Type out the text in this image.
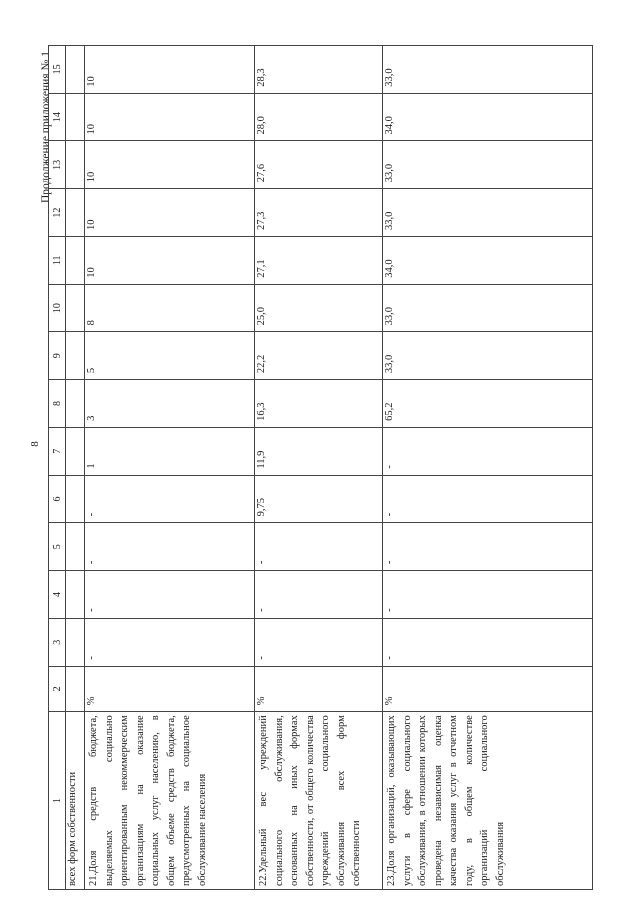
8
Продолжение приложения № 1
1	2	3	4	5	6	7	8	9	10	11	12	13	14	15
всех форм собственности														
21.Доля средств бюджета, выделяемых социально ориентированным некоммерческим организациям на оказание социальных услуг населению, в общем объеме средств бюджета, предусмотренных на социальное обслуживание населения	%	-	-	-	-	1	3	5	8	10	10	10	10	10
22.Удельный вес учреждений социального обслуживания, основанных на иных формах собственности, от общего количества учреждений социального обслуживания всех форм собственности	%	-	-	-	9,75	11,9	16,3	22,2	25,0	27,1	27,3	27,6	28,0	28,3
23.Доля организаций, оказывающих услуги в сфере социального обслуживания, в отношении которых проведена независимая оценка качества оказания услуг в отчетном году, в общем количестве организаций социального обслуживания	%	-	-	-	-	-	65,2	33,0	33,0	34,0	33,0	33,0	34,0	33,0
